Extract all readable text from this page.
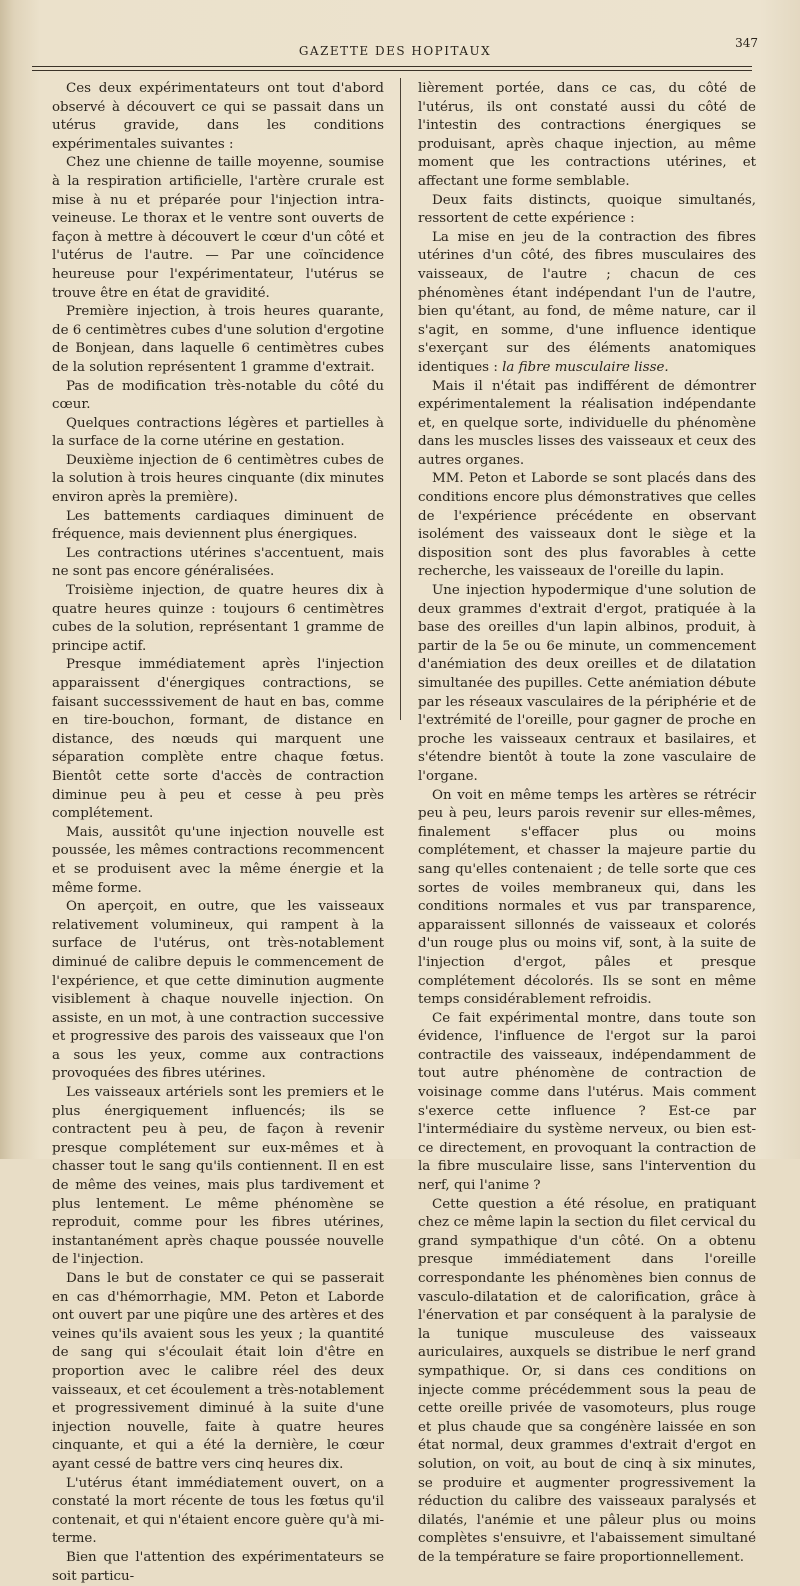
GAZETTE DES HOPITAUX
347

Ces deux expérimentateurs ont tout d'abord observé à découvert ce qui se passait dans un utérus gravide, dans les conditions expérimentales suivantes :

Chez une chienne de taille moyenne, soumise à la respiration artificielle, l'artère crurale est mise à nu et préparée pour l'injection intra-veineuse. Le thorax et le ventre sont ouverts de façon à mettre à découvert le cœur d'un côté et l'utérus de l'autre. — Par une coïncidence heureuse pour l'expérimentateur, l'utérus se trouve être en état de gravidité.

Première injection, à trois heures quarante, de 6 centimètres cubes d'une solution d'ergotine de Bonjean, dans laquelle 6 centimètres cubes de la solution représentent 1 gramme d'extrait.

Pas de modification très-notable du côté du cœur.

Quelques contractions légères et partielles à la surface de la corne utérine en gestation.

Deuxième injection de 6 centimètres cubes de la solution à trois heures cinquante (dix minutes environ après la première).

Les battements cardiaques diminuent de fréquence, mais deviennent plus énergiques.

Les contractions utérines s'accentuent, mais ne sont pas encore généralisées.

Troisième injection, de quatre heures dix à quatre heures quinze : toujours 6 centimètres cubes de la solution, représentant 1 gramme de principe actif.

Presque immédiatement après l'injection apparaissent d'énergiques contractions, se faisant successsivement de haut en bas, comme en tire-bouchon, formant, de distance en distance, des nœuds qui marquent une séparation complète entre chaque fœtus. Bientôt cette sorte d'accès de contraction diminue peu à peu et cesse à peu près complétement.

Mais, aussitôt qu'une injection nouvelle est poussée, les mêmes contractions recommencent et se produisent avec la même énergie et la même forme.

On aperçoit, en outre, que les vaisseaux relativement volumineux, qui rampent à la surface de l'utérus, ont très-notablement diminué de calibre depuis le commencement de l'expérience, et que cette diminution augmente visiblement à chaque nouvelle injection. On assiste, en un mot, à une contraction successive et progressive des parois des vaisseaux que l'on a sous les yeux, comme aux contractions provoquées des fibres utérines.

Les vaisseaux artériels sont les premiers et le plus énergiquement influencés; ils se contractent peu à peu, de façon à revenir presque complétement sur eux-mêmes et à chasser tout le sang qu'ils contiennent. Il en est de même des veines, mais plus tardivement et plus lentement. Le même phénomène se reproduit, comme pour les fibres utérines, instantanément après chaque poussée nouvelle de l'injection.

Dans le but de constater ce qui se passerait en cas d'hémorrhagie, MM. Peton et Laborde ont ouvert par une piqûre une des artères et des veines qu'ils avaient sous les yeux ; la quantité de sang qui s'écoulait était loin d'être en proportion avec le calibre réel des deux vaisseaux, et cet écoulement a très-notablement et progressivement diminué à la suite d'une injection nouvelle, faite à quatre heures cinquante, et qui a été la dernière, le cœur ayant cessé de battre vers cinq heures dix.

L'utérus étant immédiatement ouvert, on a constaté la mort récente de tous les fœtus qu'il contenait, et qui n'étaient encore guère qu'à mi-terme.

Bien que l'attention des expérimentateurs se soit particu-

lièrement portée, dans ce cas, du côté de l'utérus, ils ont constaté aussi du côté de l'intestin des contractions énergiques se produisant, après chaque injection, au même moment que les contractions utérines, et affectant une forme semblable.

Deux faits distincts, quoique simultanés, ressortent de cette expérience :

La mise en jeu de la contraction des fibres utérines d'un côté, des fibres musculaires des vaisseaux, de l'autre ; chacun de ces phénomènes étant indépendant l'un de l'autre, bien qu'étant, au fond, de même nature, car il s'agit, en somme, d'une influence identique s'exerçant sur des éléments anatomiques identiques : la fibre musculaire lisse.

Mais il n'était pas indifférent de démontrer expérimentalement la réalisation indépendante et, en quelque sorte, individuelle du phénomène dans les muscles lisses des vaisseaux et ceux des autres organes.

MM. Peton et Laborde se sont placés dans des conditions encore plus démonstratives que celles de l'expérience précédente en observant isolément des vaisseaux dont le siège et la disposition sont des plus favorables à cette recherche, les vaisseaux de l'oreille du lapin.

Une injection hypodermique d'une solution de deux grammes d'extrait d'ergot, pratiquée à la base des oreilles d'un lapin albinos, produit, à partir de la 5e ou 6e minute, un commencement d'anémiation des deux oreilles et de dilatation simultanée des pupilles. Cette anémiation débute par les réseaux vasculaires de la périphérie et de l'extrémité de l'oreille, pour gagner de proche en proche les vaisseaux centraux et basilaires, et s'étendre bientôt à toute la zone vasculaire de l'organe.

On voit en même temps les artères se rétrécir peu à peu, leurs parois revenir sur elles-mêmes, finalement s'effacer plus ou moins complétement, et chasser la majeure partie du sang qu'elles contenaient ; de telle sorte que ces sortes de voiles membraneux qui, dans les conditions normales et vus par transparence, apparaissent sillonnés de vaisseaux et colorés d'un rouge plus ou moins vif, sont, à la suite de l'injection d'ergot, pâles et presque complétement décolorés. Ils se sont en même temps considérablement refroidis.

Ce fait expérimental montre, dans toute son évidence, l'influence de l'ergot sur la paroi contractile des vaisseaux, indépendamment de tout autre phénomène de contraction de voisinage comme dans l'utérus. Mais comment s'exerce cette influence ? Est-ce par l'intermédiaire du système nerveux, ou bien est-ce directement, en provoquant la contraction de la fibre musculaire lisse, sans l'intervention du nerf, qui l'anime ?

Cette question a été résolue, en pratiquant chez ce même lapin la section du filet cervical du grand sympathique d'un côté. On a obtenu presque immédiatement dans l'oreille correspondante les phénomènes bien connus de vasculo-dilatation et de calorification, grâce à l'énervation et par conséquent à la paralysie de la tunique musculeuse des vaisseaux auriculaires, auxquels se distribue le nerf grand sympathique. Or, si dans ces conditions on injecte comme précédemment sous la peau de cette oreille privée de vasomoteurs, plus rouge et plus chaude que sa congénère laissée en son état normal, deux grammes d'extrait d'ergot en solution, on voit, au bout de cinq à six minutes, se produire et augmenter progressivement la réduction du calibre des vaisseaux paralysés et dilatés, l'anémie et une pâleur plus ou moins complètes s'ensuivre, et l'abaissement simultané de la température se faire proportionnellement.
